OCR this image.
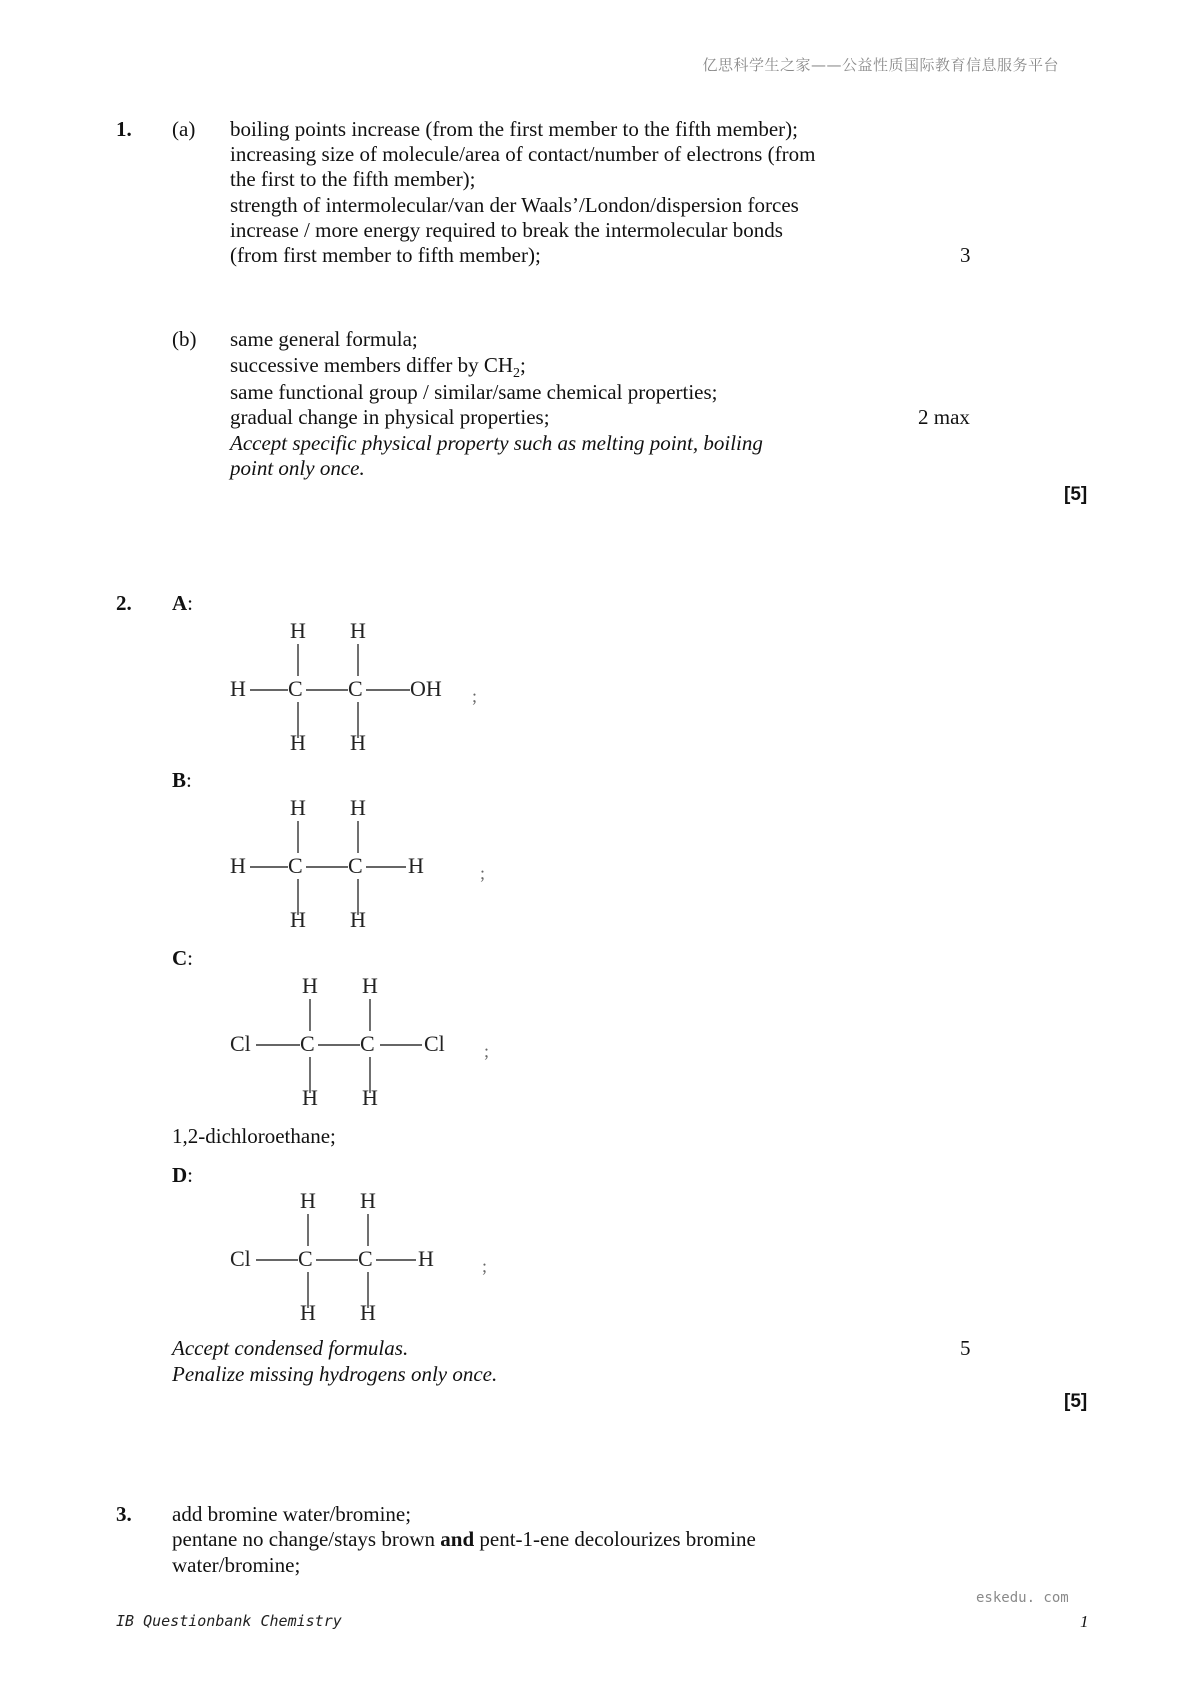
亿思科学生之家——公益性质国际教育信息服务平台
1. (a) boiling points increase (from the first member to the fifth member);
increasing size of molecule/area of contact/number of electrons (from
the first to the fifth member);
strength of intermolecular/van der Waals’/London/dispersion forces
increase / more energy required to break the intermolecular bonds
(from first member to fifth member);	3
(b) same general formula;
successive members differ by $CH_2$;
same functional group / similar/same chemical properties;
gradual change in physical properties;
Accept specific physical property such as melting point, boiling
point only once.
2 max
[5]
2. A:
H C C OH
H H
H H
;
B:
H C C H
H H
H H
;
C:
Cl C C Cl
H H
H H
;
1,2-dichloroethane;
D:
Cl C C H
H H
H H
;
Accept condensed formulas.
Penalize missing hydrogens only once.
5
[5]
3. add bromine water/bromine;
pentane no change/stays brown and pent-1-ene decolourizes bromine
water/bromine;
eskedu. com
IB Questionbank Chemistry	1
